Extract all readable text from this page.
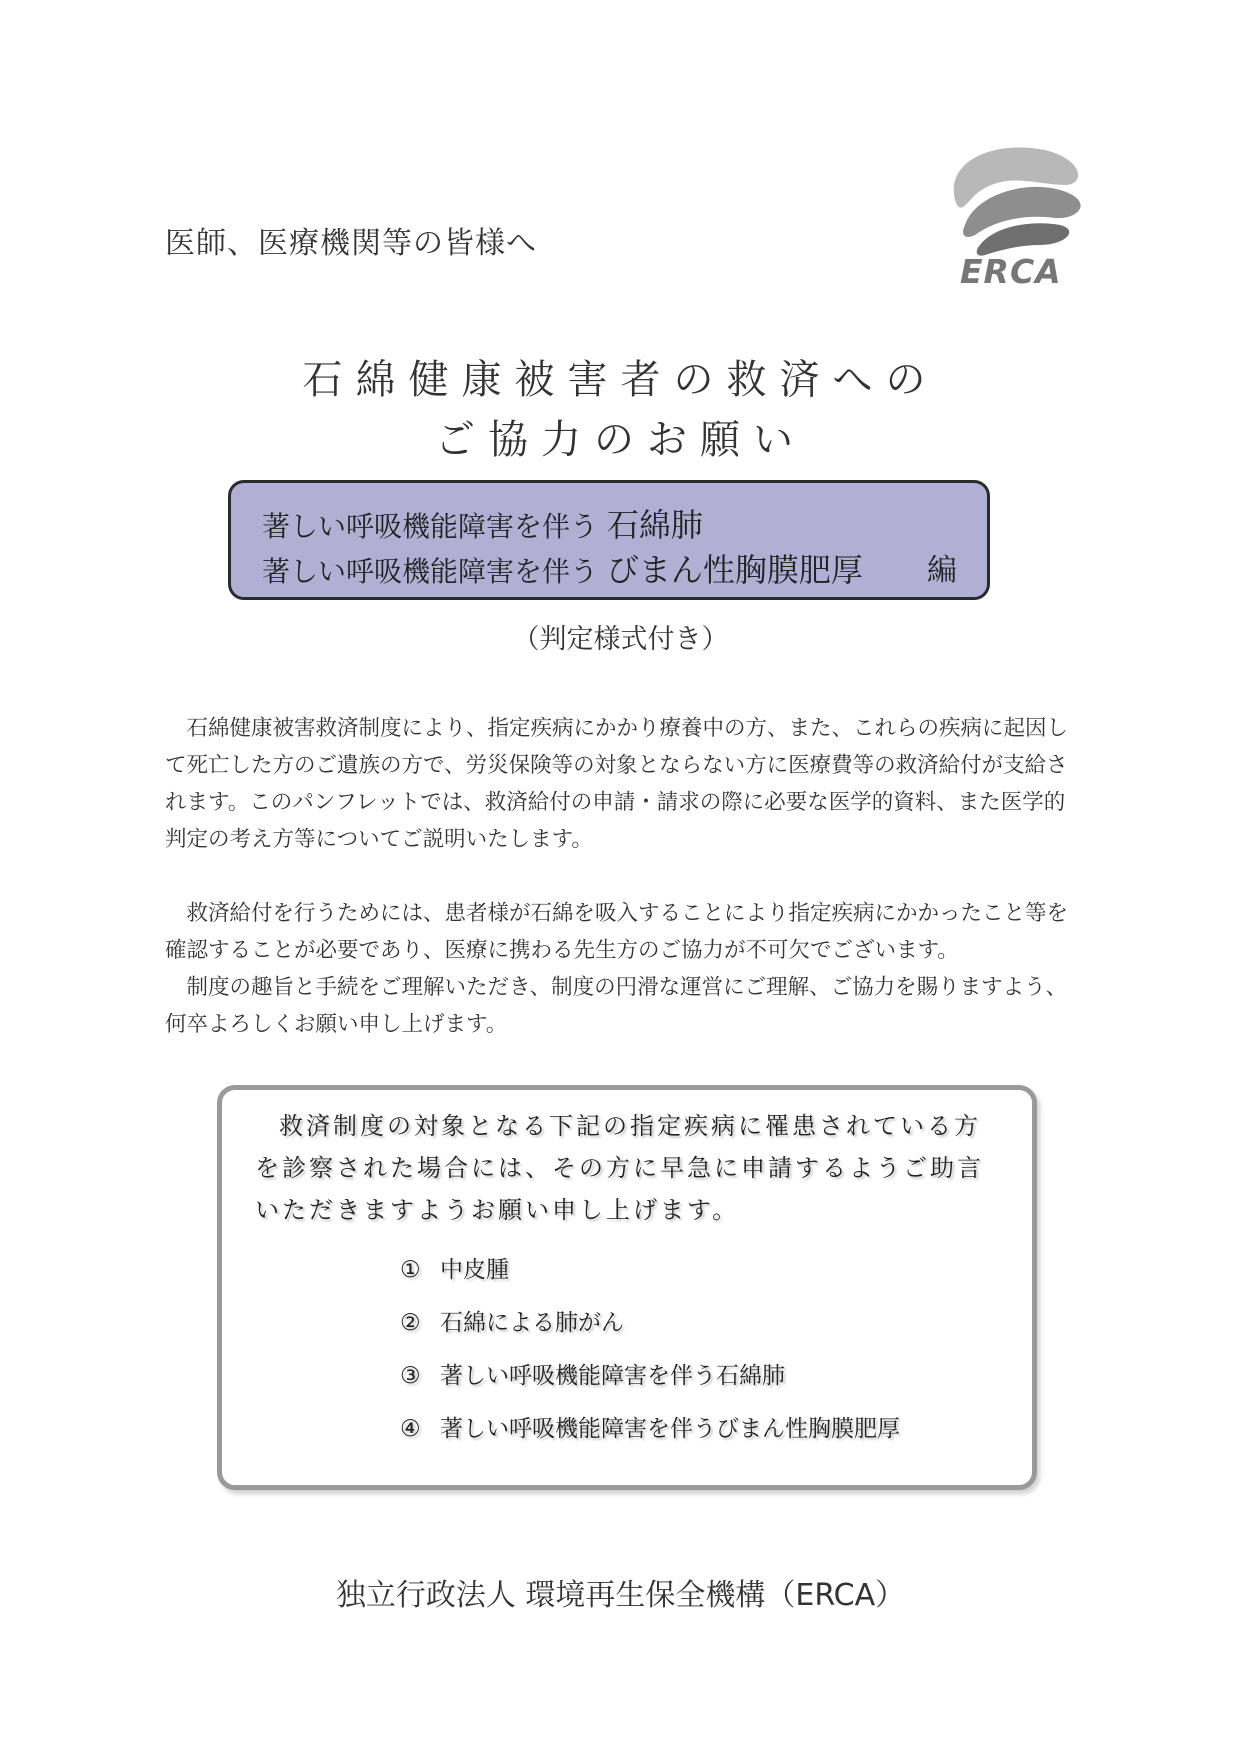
医師、医療機関等の皆様へ
ERCA
石綿健康被害者の救済への
ご協力のお願い
著しい呼吸機能障害を伴う 石綿肺
著しい呼吸機能障害を伴う びまん性胸膜肥厚 編
（判定様式付き）

石綿健康被害救済制度により、指定疾病にかかり療養中の方、また、これらの疾病に起因して死亡した方のご遺族の方で、労災保険等の対象とならない方に医療費等の救済給付が支給されます。このパンフレットでは、救済給付の申請・請求の際に必要な医学的資料、また医学的判定の考え方等についてご説明いたします。

救済給付を行うためには、患者様が石綿を吸入することにより指定疾病にかかったこと等を確認することが必要であり、医療に携わる先生方のご協力が不可欠でございます。

制度の趣旨と手続をご理解いただき、制度の円滑な運営にご理解、ご協力を賜りますよう、何卒よろしくお願い申し上げます。

救済制度の対象となる下記の指定疾病に罹患されている方を診察された場合には、その方に早急に申請するようご助言いただきますようお願い申し上げます。
① 中皮腫
② 石綿による肺がん
③ 著しい呼吸機能障害を伴う石綿肺
④ 著しい呼吸機能障害を伴うびまん性胸膜肥厚
独立行政法人 環境再生保全機構（ERCA）
